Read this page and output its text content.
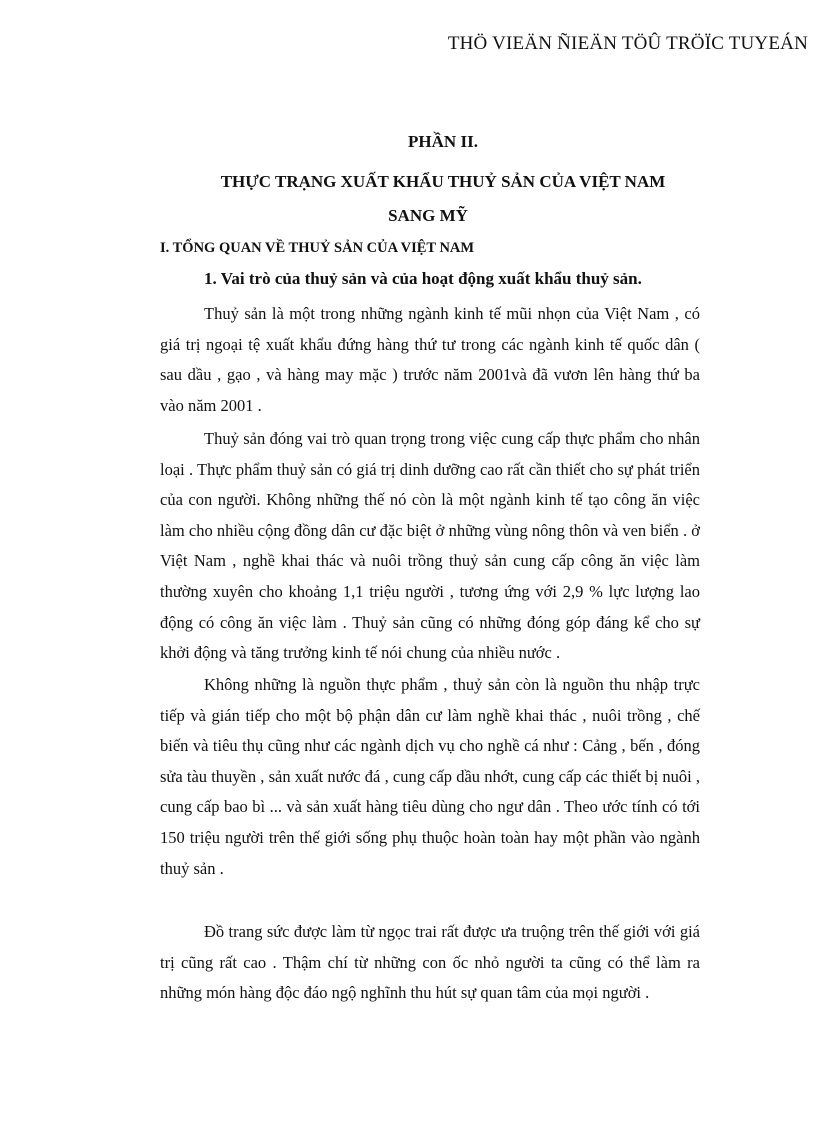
THÖ VIEÄN ÑIEÄN TÖÛ TRÖÏC TUYEÁN
PHẦN II.
THỰC TRẠNG XUẤT KHẨU THUỶ SẢN CỦA VIỆT NAM
SANG MỸ
I. TỔNG QUAN VỀ THUỶ SẢN CỦA VIỆT NAM
1. Vai trò của thuỷ sản và của hoạt động xuất khẩu thuỷ sản.

Thuỷ sản là một trong những ngành kinh tế mũi nhọn của Việt Nam , có giá trị ngoại tệ xuất khẩu đứng hàng thứ tư trong các ngành kinh tế quốc dân ( sau dầu , gạo , và hàng may mặc ) trước năm 2001và đã vươn lên hàng thứ ba vào năm 2001 .

Thuỷ sản đóng vai trò quan trọng trong việc cung cấp thực phẩm cho nhân loại . Thực phẩm thuỷ sản có giá trị dinh dưỡng cao rất cần thiết cho sự phát triển của con người. Không những thế nó còn là một ngành kinh tế tạo công ăn việc làm cho nhiều cộng đồng dân cư đặc biệt ở những vùng nông thôn và ven biển . ở Việt Nam , nghề khai thác và nuôi trồng thuỷ sản cung cấp công ăn việc làm thường xuyên cho khoảng 1,1 triệu người , tương ứng với 2,9 % lực lượng lao động có công ăn việc làm . Thuỷ sản cũng có những đóng góp đáng kể cho sự khởi động và tăng trưởng kinh tế nói chung của nhiều nước .

Không những là nguồn thực phẩm , thuỷ sản còn là nguồn thu nhập trực tiếp và gián tiếp cho một bộ phận dân cư làm nghề khai thác , nuôi trồng , chế biến và tiêu thụ cũng như các ngành dịch vụ cho nghề cá như : Cảng , bến , đóng sửa tàu thuyền , sản xuất nước đá , cung cấp dầu nhớt, cung cấp các thiết bị nuôi , cung cấp bao bì ... và sản xuất hàng tiêu dùng cho ngư dân . Theo ước tính có tới 150 triệu người trên thế giới sống phụ thuộc hoàn toàn hay một phần vào ngành thuỷ sản .

Đồ trang sức được làm từ ngọc trai rất được ưa truộng trên thế giới với giá trị cũng rất cao . Thậm chí từ những con ốc nhỏ người ta cũng có thể làm ra những món hàng độc đáo ngộ nghĩnh thu hút sự quan tâm của mọi người .
